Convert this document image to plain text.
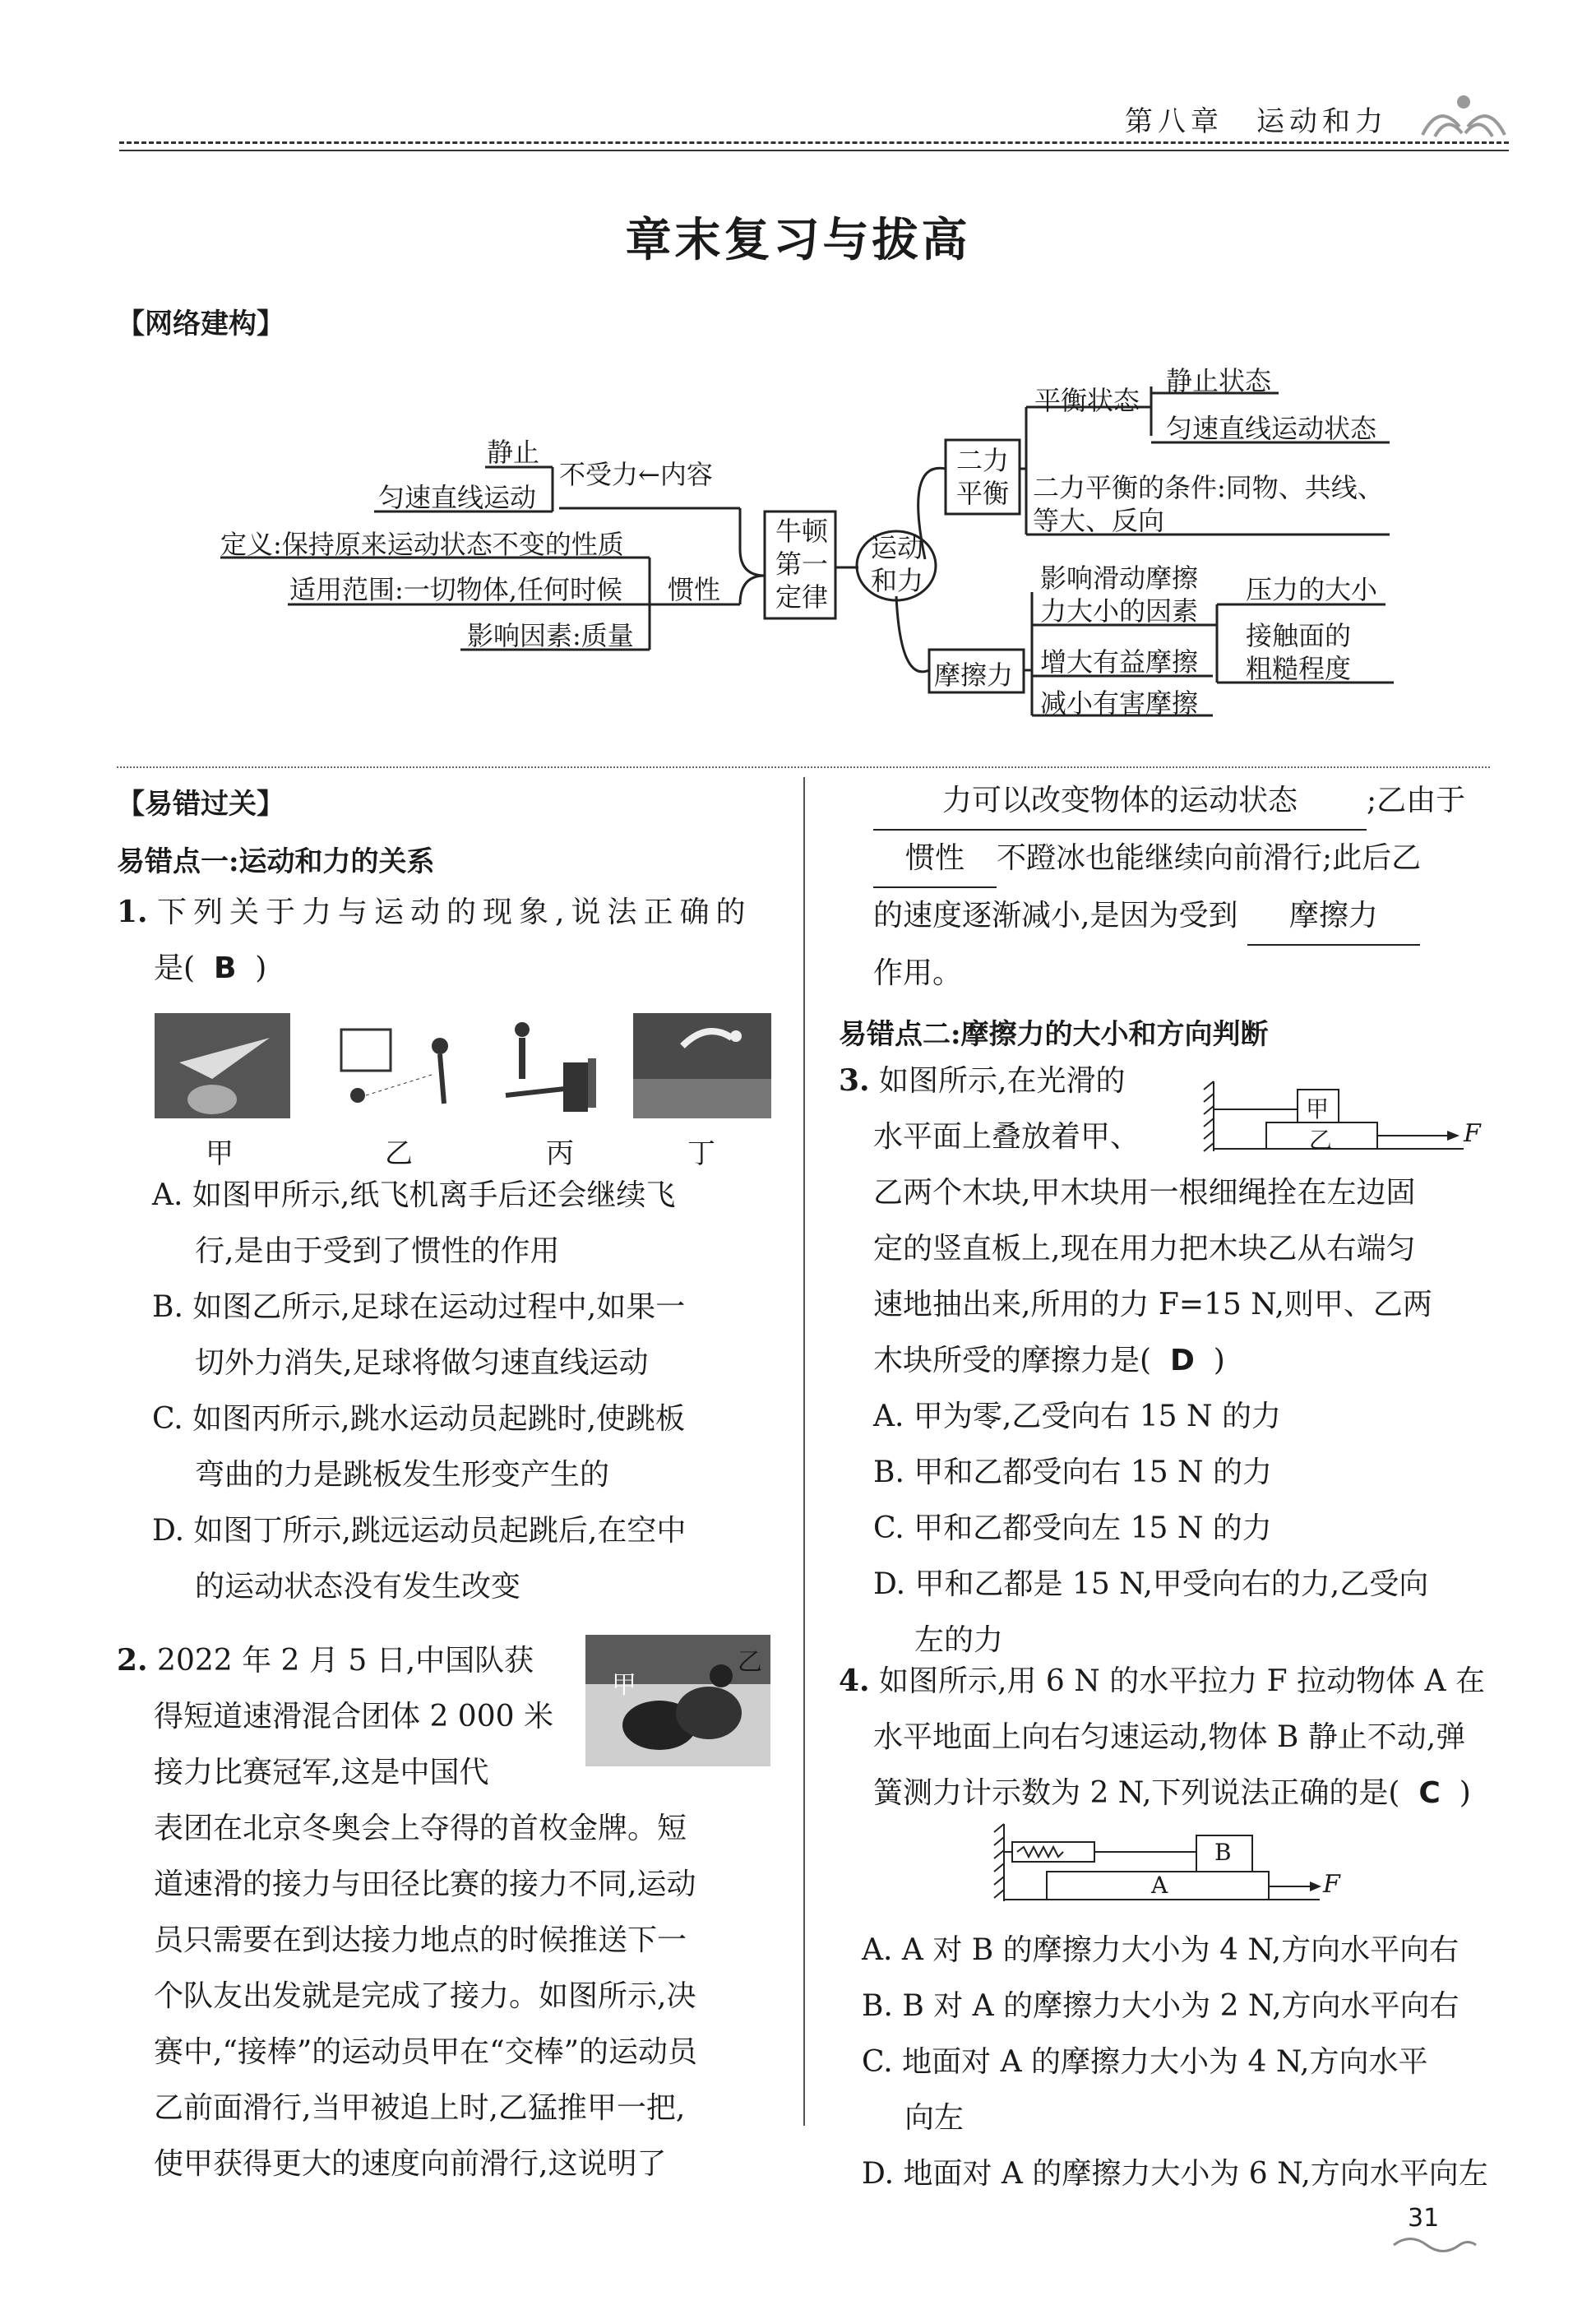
第八章 运动和力
章末复习与拔高
【网络建构】
静止
不受力←内容
匀速直线运动
定义:保持原来运动状态不变的性质
适用范围:一切物体,任何时候 惯性
影响因素:质量
牛顿
第一
定律
运动
和力
二力
平衡
平衡状态
静止状态
匀速直线运动状态
二力平衡的条件:同物、共线、
等大、反向
摩擦力
影响滑动摩擦
力大小的因素
压力的大小
接触面的
粗糙程度
增大有益摩擦
减小有害摩擦
【易错过关】
易错点一:运动和力的关系
1. 下列关于力与运动的现象,说法正确的
是( B )
甲	乙	丙	丁
A. 如图甲所示,纸飞机离手后还会继续飞
行,是由于受到了惯性的作用
B. 如图乙所示,足球在运动过程中,如果一
切外力消失,足球将做匀速直线运动
C. 如图丙所示,跳水运动员起跳时,使跳板
弯曲的力是跳板发生形变产生的
D. 如图丁所示,跳远运动员起跳后,在空中
的运动状态没有发生改变
2. 2022 年 2 月 5 日,中国队获
得短道速滑混合团体 2 000 米
接力比赛冠军,这是中国代
表团在北京冬奥会上夺得的首枚金牌。短
道速滑的接力与田径比赛的接力不同,运动
员只需要在到达接力地点的时候推送下一
个队友出发就是完成了接力。如图所示,决
赛中,“接棒”的运动员甲在“交棒”的运动员
乙前面滑行,当甲被追上时,乙猛推甲一把,
使甲获得更大的速度向前滑行,这说明了
甲
乙
力可以改变物体的运动状态 ;乙由于
惯性 不蹬冰也能继续向前滑行;此后乙
的速度逐渐减小,是因为受到 摩擦力
作用。
易错点二:摩擦力的大小和方向判断
3. 如图所示,在光滑的
水平面上叠放着甲、
乙两个木块,甲木块用一根细绳拴在左边固
定的竖直板上,现在用力把木块乙从右端匀
速地抽出来,所用的力 F=15 N,则甲、乙两
木块所受的摩擦力是( D )
A. 甲为零,乙受向右 15 N 的力
B. 甲和乙都受向右 15 N 的力
C. 甲和乙都受向左 15 N 的力
D. 甲和乙都是 15 N,甲受向右的力,乙受向
左的力
甲
乙	F
4. 如图所示,用 6 N 的水平拉力 F 拉动物体 A 在
水平地面上向右匀速运动,物体 B 静止不动,弹
簧测力计示数为 2 N,下列说法正确的是( C )
B
A	F
A. A 对 B 的摩擦力大小为 4 N,方向水平向右
B. B 对 A 的摩擦力大小为 2 N,方向水平向右
C. 地面对 A 的摩擦力大小为 4 N,方向水平
向左
D. 地面对 A 的摩擦力大小为 6 N,方向水平向左
31
